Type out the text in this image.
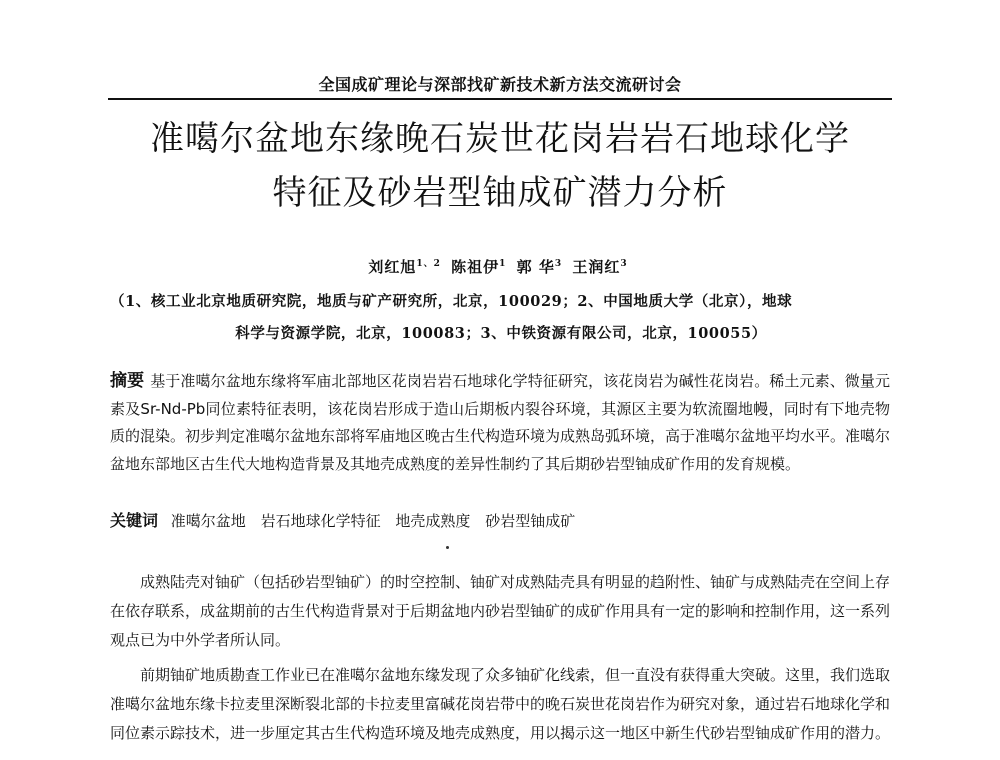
全国成矿理论与深部找矿新技术新方法交流研讨会
准噶尔盆地东缘晚石炭世花岗岩岩石地球化学
特征及砂岩型铀成矿潜力分析
刘红旭$^{1、2}$ 陈祖伊$^1$ 郭 华$^3$ 王润红$^3$
（1、核工业北京地质研究院，地质与矿产研究所，北京，100029；2、中国地质大学（北京），地球
科学与资源学院，北京，100083；3、中铁资源有限公司，北京，100055）
摘要 基于准噶尔盆地东缘将军庙北部地区花岗岩岩石地球化学特征研究，该花岗岩为碱性花岗岩。稀土元素、微量元素及Sr-Nd-Pb同位素特征表明，该花岗岩形成于造山后期板内裂谷环境，其源区主要为软流圈地幔，同时有下地壳物质的混染。初步判定准噶尔盆地东部将军庙地区晚古生代构造环境为成熟岛弧环境，高于准噶尔盆地平均水平。准噶尔盆地东部地区古生代大地构造背景及其地壳成熟度的差异性制约了其后期砂岩型铀成矿作用的发育规模。
关键词 准噶尔盆地 岩石地球化学特征 地壳成熟度 砂岩型铀成矿

成熟陆壳对铀矿（包括砂岩型铀矿）的时空控制、铀矿对成熟陆壳具有明显的趋附性、铀矿与成熟陆壳在空间上存在依存联系，成盆期前的古生代构造背景对于后期盆地内砂岩型铀矿的成矿作用具有一定的影响和控制作用，这一系列观点已为中外学者所认同。

前期铀矿地质勘查工作业已在准噶尔盆地东缘发现了众多铀矿化线索，但一直没有获得重大突破。这里，我们选取准噶尔盆地东缘卡拉麦里深断裂北部的卡拉麦里富碱花岗岩带中的晚石炭世花岗岩作为研究对象，通过岩石地球化学和同位素示踪技术，进一步厘定其古生代构造环境及地壳成熟度，用以揭示这一地区中新生代砂岩型铀成矿作用的潜力。
